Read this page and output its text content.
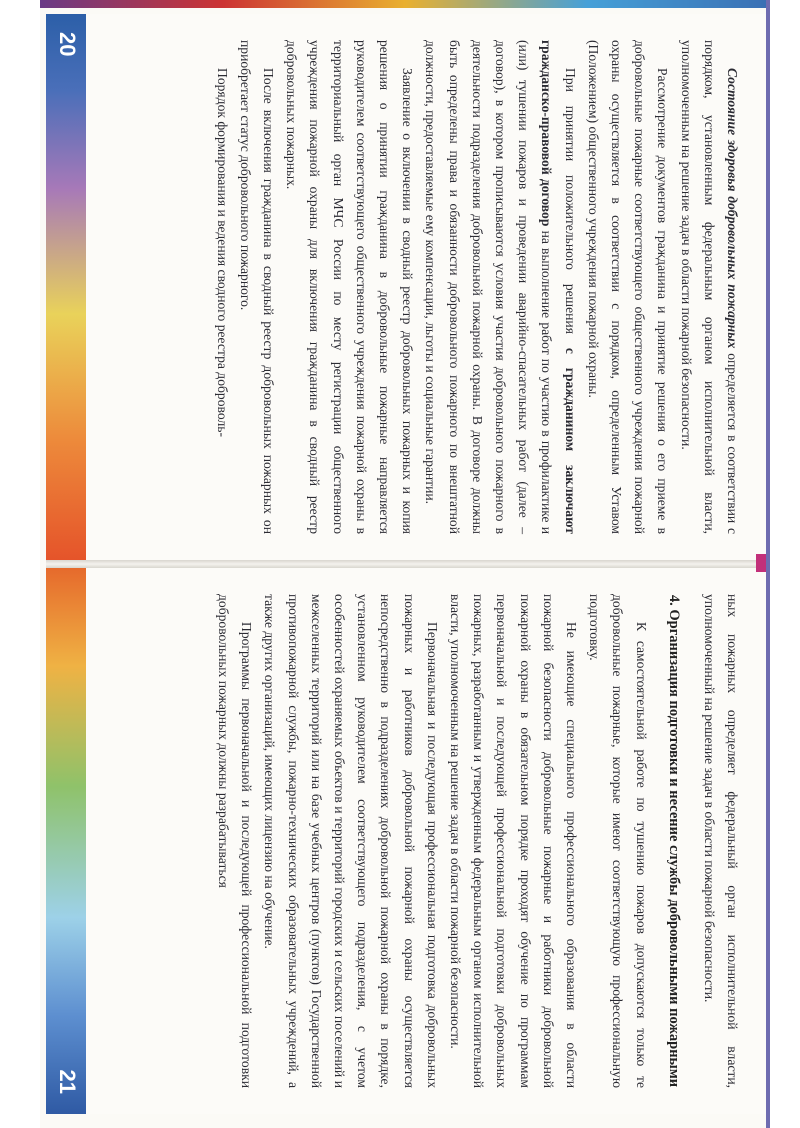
Состояние здоровья добровольных пожарных определяется в соответствии с порядком, установленным федеральным органом исполнительной власти, уполномоченным на решение задач в области пожарной безопасности.

Рассмотрение документов гражданина и принятие решения о его приеме в добровольные пожарные соответствующего общественного учреждения пожарной охраны осуществляется в соответствии с порядком, определенным Уставом (Положением) общественного учреждения пожарной охраны.

При принятии положительного решения с гражданином заключают гражданско-правовой договор на выполнение работ по участию в профилактике и (или) тушении пожаров и проведении аварийно-спасательных работ (далее – договор), в котором прописываются условия участия добровольного пожарного в деятельности подразделения добровольной пожарной охраны. В договоре должны быть определены права и обязанности добровольного пожарного по внештатной должности, предоставляемые ему компенсации, льготы и социальные гарантии.

Заявление о включении в сводный реестр добровольных пожарных и копия решения о принятии гражданина в добровольные пожарные направляется руководителем соответствующего общественного учреждения пожарной охраны в территориальный орган МЧС России по месту регистрации общественного учреждения пожарной охраны для включения гражданина в сводный реестр добровольных пожарных.

После включения гражданина в сводный реестр добровольных пожарных он приобретает статус добровольного пожарного.

Порядок формирования и ведения сводного реестра доброволь-

20

ных пожарных определяет федеральный орган исполнительной власти, уполномоченный на решение задач в области пожарной безопасности.

4. Организация подготовки и несение службы добровольными пожарными

К самостоятельной работе по тушению пожаров допускаются только те добровольные пожарные, которые имеют соответствующую профессиональную подготовку.

Не имеющие специального профессионального образования в области пожарной безопасности добровольные пожарные и работники добровольной пожарной охраны в обязательном порядке проходят обучение по программам первоначальной и последующей профессиональной подготовки добровольных пожарных, разработанным и утвержденным федеральным органом исполнительной власти, уполномоченным на решение задач в области пожарной безопасности.

Первоначальная и последующая профессиональная подготовка добровольных пожарных и работников добровольной пожарной охраны осуществляется непосредственно в подразделениях добровольной пожарной охраны в порядке, установленном руководителем соответствующего подразделения, с учетом особенностей охраняемых объектов и территорий городских и сельских поселений и межселенных территорий или на базе учебных центров (пунктов) Государственной противопожарной службы, пожарно-технических образовательных учреждений, а также других организаций, имеющих лицензию на обучение.

Программы первоначальной и последующей профессиональной подготовки добровольных пожарных должны разрабатываться

21
